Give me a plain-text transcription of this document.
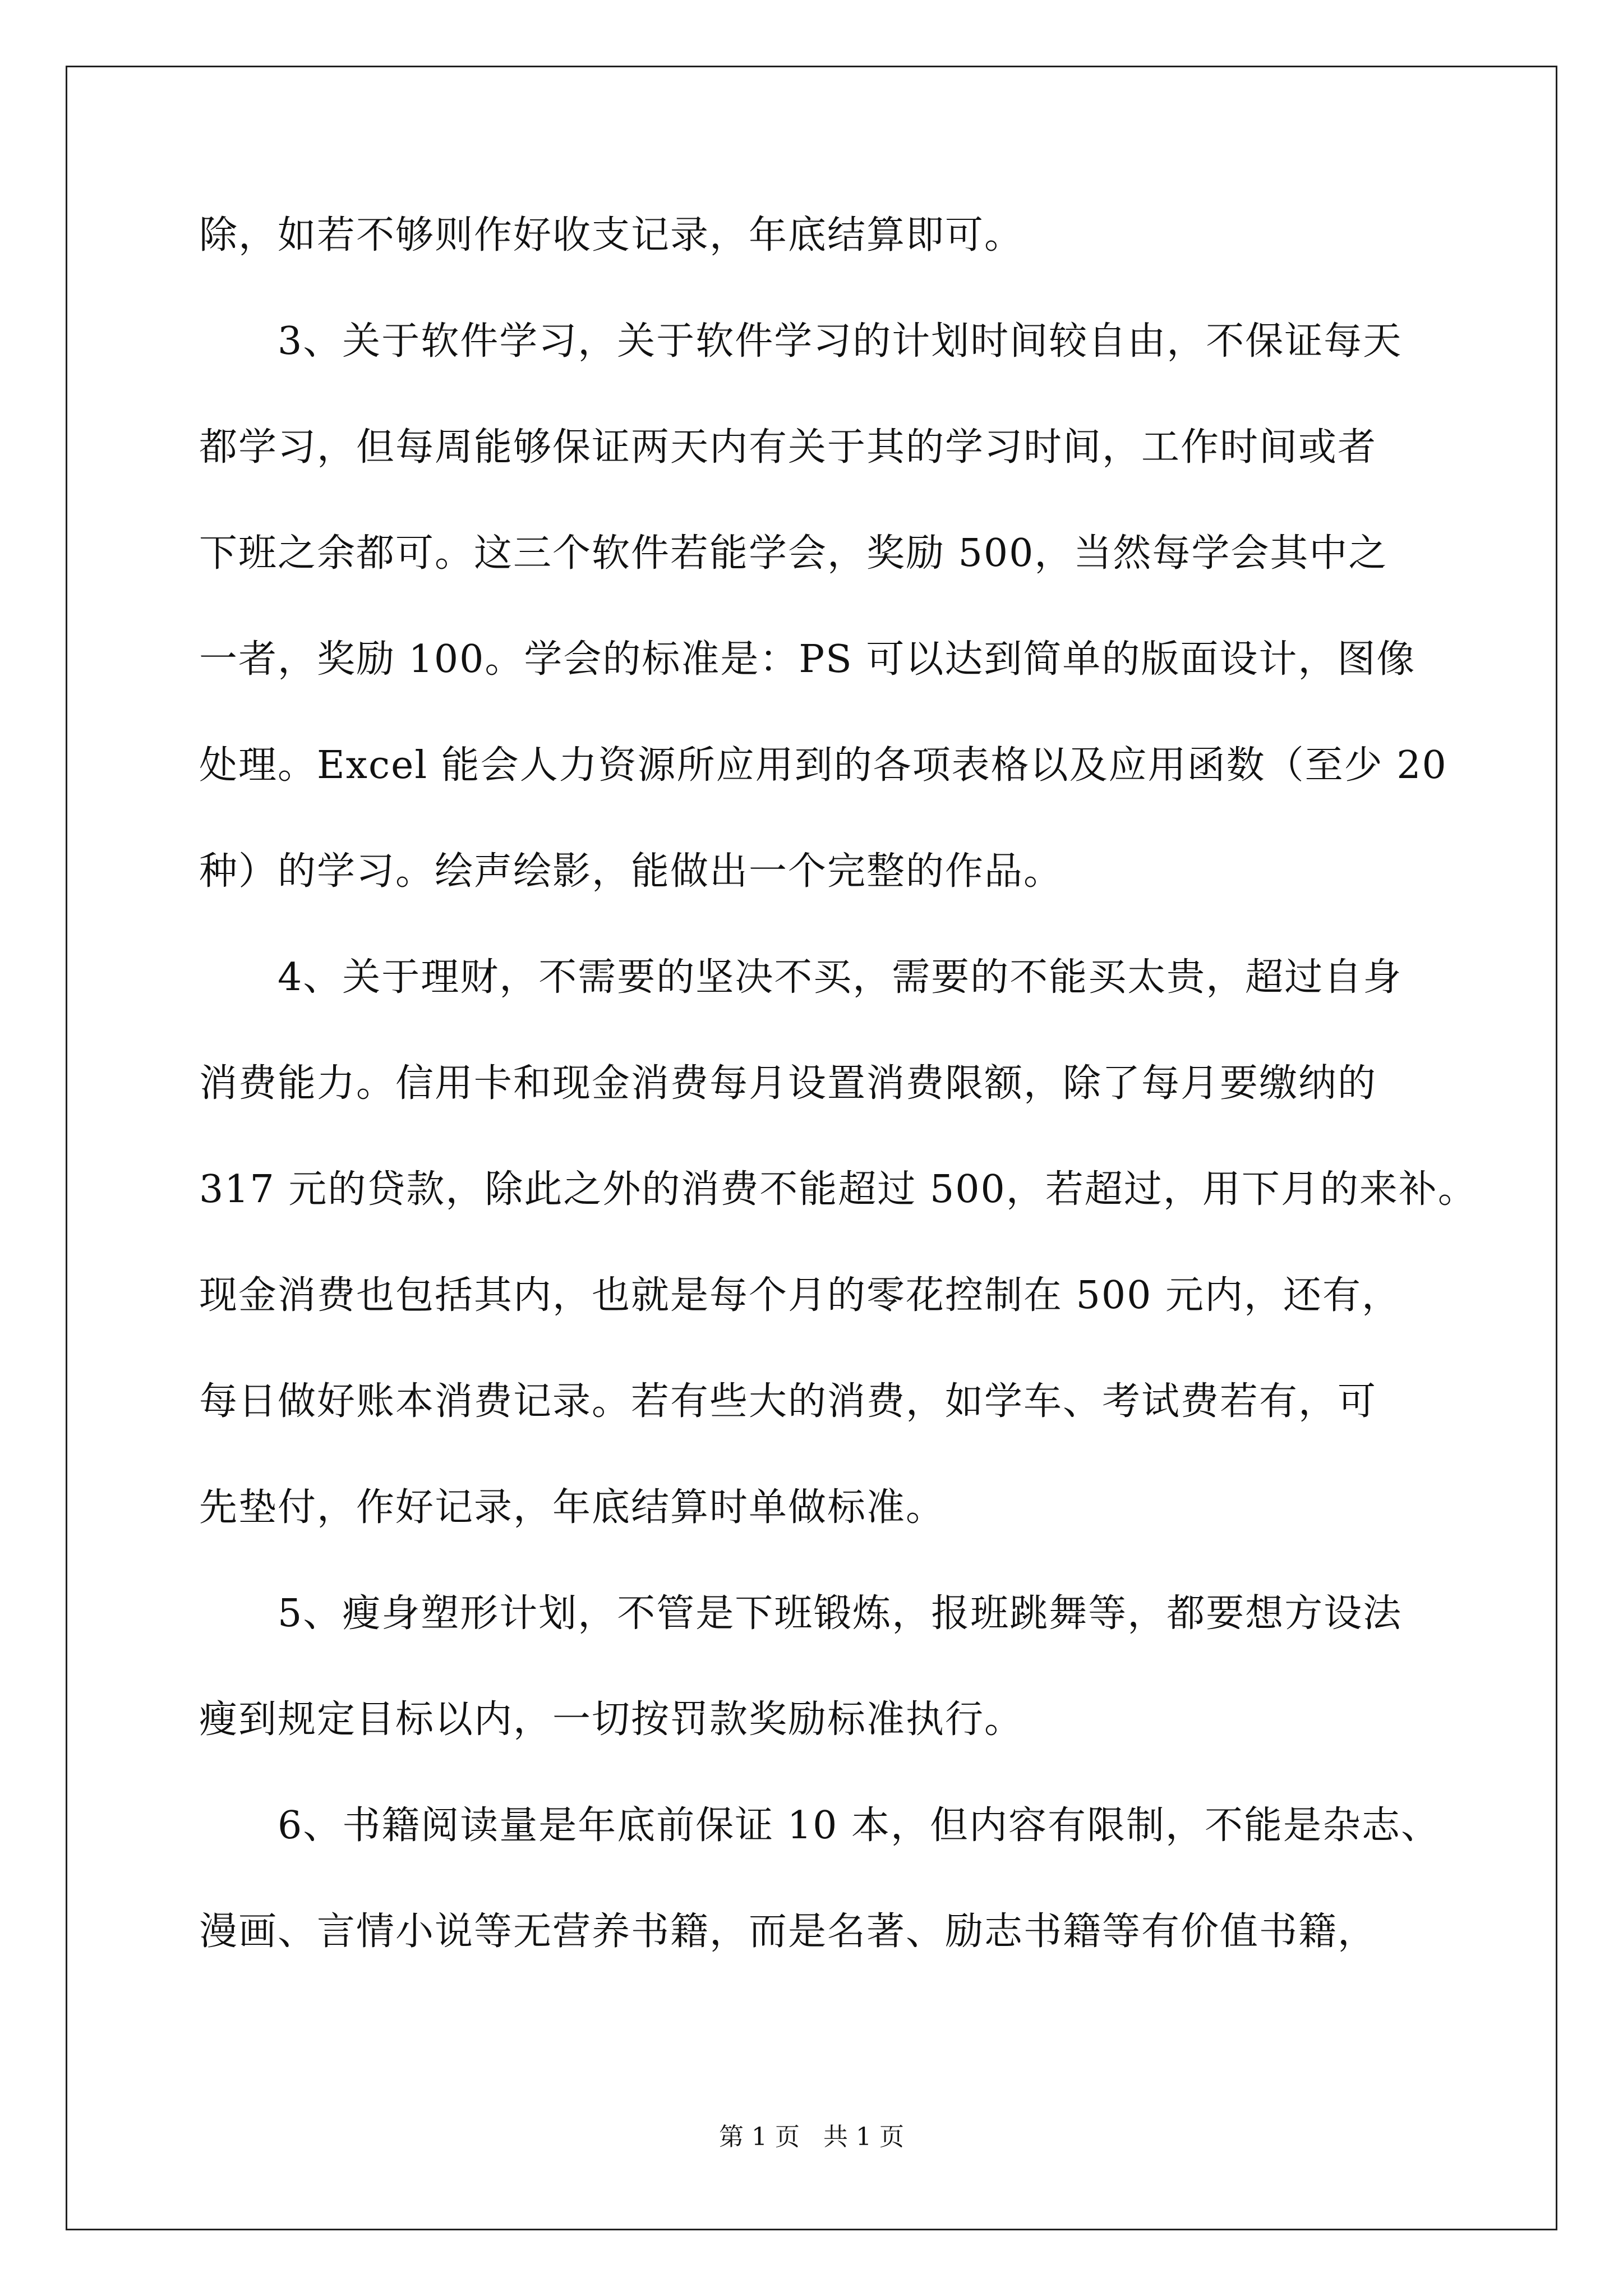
除，如若不够则作好收支记录，年底结算即可。
3、关于软件学习，关于软件学习的计划时间较自由，不保证每天
都学习，但每周能够保证两天内有关于其的学习时间，工作时间或者
下班之余都可。这三个软件若能学会，奖励 500，当然每学会其中之
一者，奖励 100。学会的标准是：PS 可以达到简单的版面设计，图像
处理。Excel 能会人力资源所应用到的各项表格以及应用函数（至少 20
种）的学习。绘声绘影，能做出一个完整的作品。
4、关于理财，不需要的坚决不买，需要的不能买太贵，超过自身
消费能力。信用卡和现金消费每月设置消费限额，除了每月要缴纳的
317 元的贷款，除此之外的消费不能超过 500，若超过，用下月的来补。
现金消费也包括其内，也就是每个月的零花控制在 500 元内，还有，
每日做好账本消费记录。若有些大的消费，如学车、考试费若有，可
先垫付，作好记录，年底结算时单做标准。
5、瘦身塑形计划，不管是下班锻炼，报班跳舞等，都要想方设法
瘦到规定目标以内，一切按罚款奖励标准执行。
6、书籍阅读量是年底前保证 10 本，但内容有限制，不能是杂志、
漫画、言情小说等无营养书籍，而是名著、励志书籍等有价值书籍，
第 1 页   共 1 页
